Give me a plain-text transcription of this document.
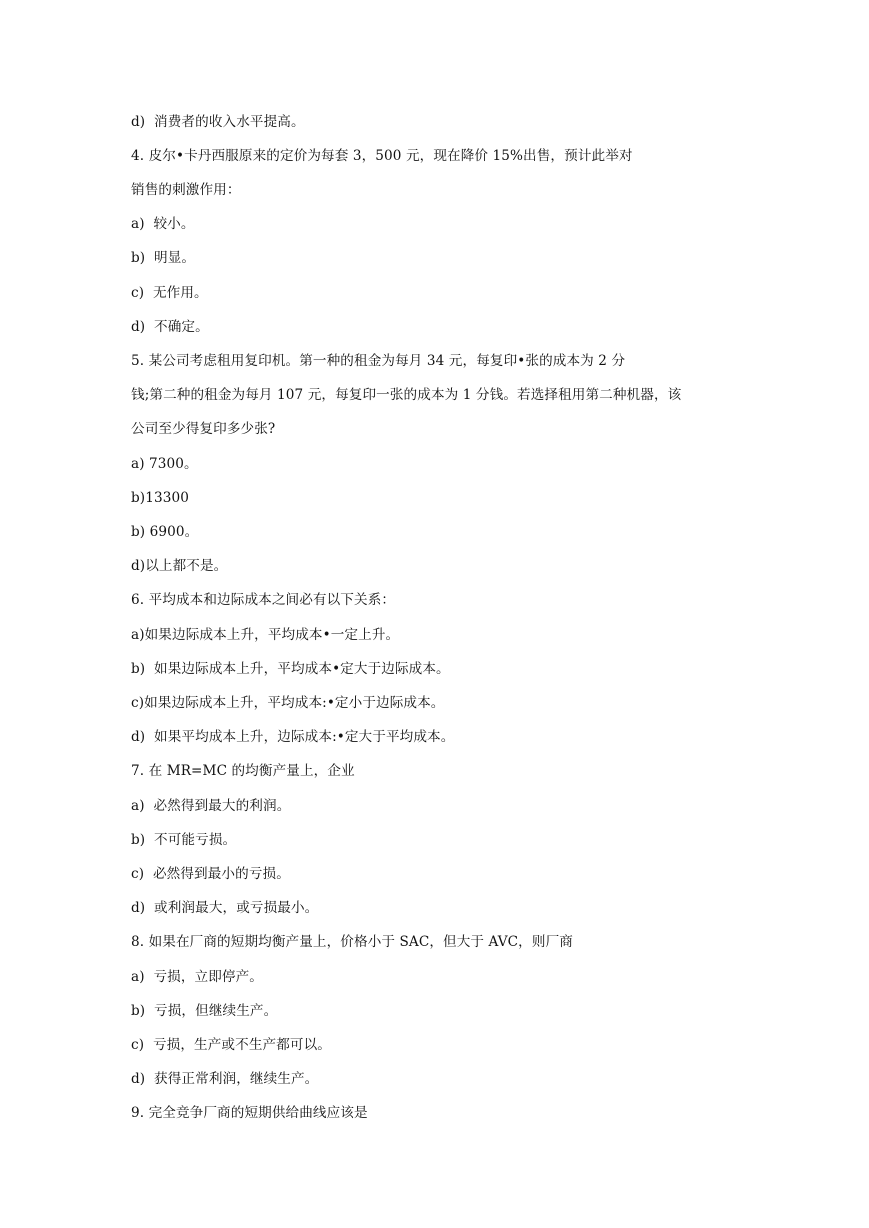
d)  消费者的收入水平提高。
4. 皮尔•卡丹西服原来的定价为每套 3，500 元，现在降价 15%出售，预计此举对
销售的刺激作用：
a)  较小。
b)  明显。
c)  无作用。
d)  不确定。
5. 某公司考虑租用复印机。第一种的租金为每月 34 元，每复印•张的成本为 2 分
钱;第二种的租金为每月 107 元，每复印一张的成本为 1 分钱。若选择租用第二种机器，该
公司至少得复印多少张?
a) 7300。
b)13300
b) 6900。
d)以上都不是。
6. 平均成本和边际成本之间必有以下关系：
a)如果边际成本上升，平均成本•一定上升。
b)  如果边际成本上升，平均成本•定大于边际成本。
c)如果边际成本上升，平均成本:•定小于边际成本。
d)  如果平均成本上升，边际成本:•定大于平均成本。
7. 在 MR=MC 的均衡产量上，企业
a)  必然得到最大的利润。
b)  不可能亏损。
c)  必然得到最小的亏损。
d)  或利润最大，或亏损最小。
8. 如果在厂商的短期均衡产量上，价格小于 SAC，但大于 AVC，则厂商
a)  亏损，立即停产。
b)  亏损，但继续生产。
c)  亏损，生产或不生产都可以。
d)  获得正常利润，继续生产。
9. 完全竞争厂商的短期供给曲线应该是
